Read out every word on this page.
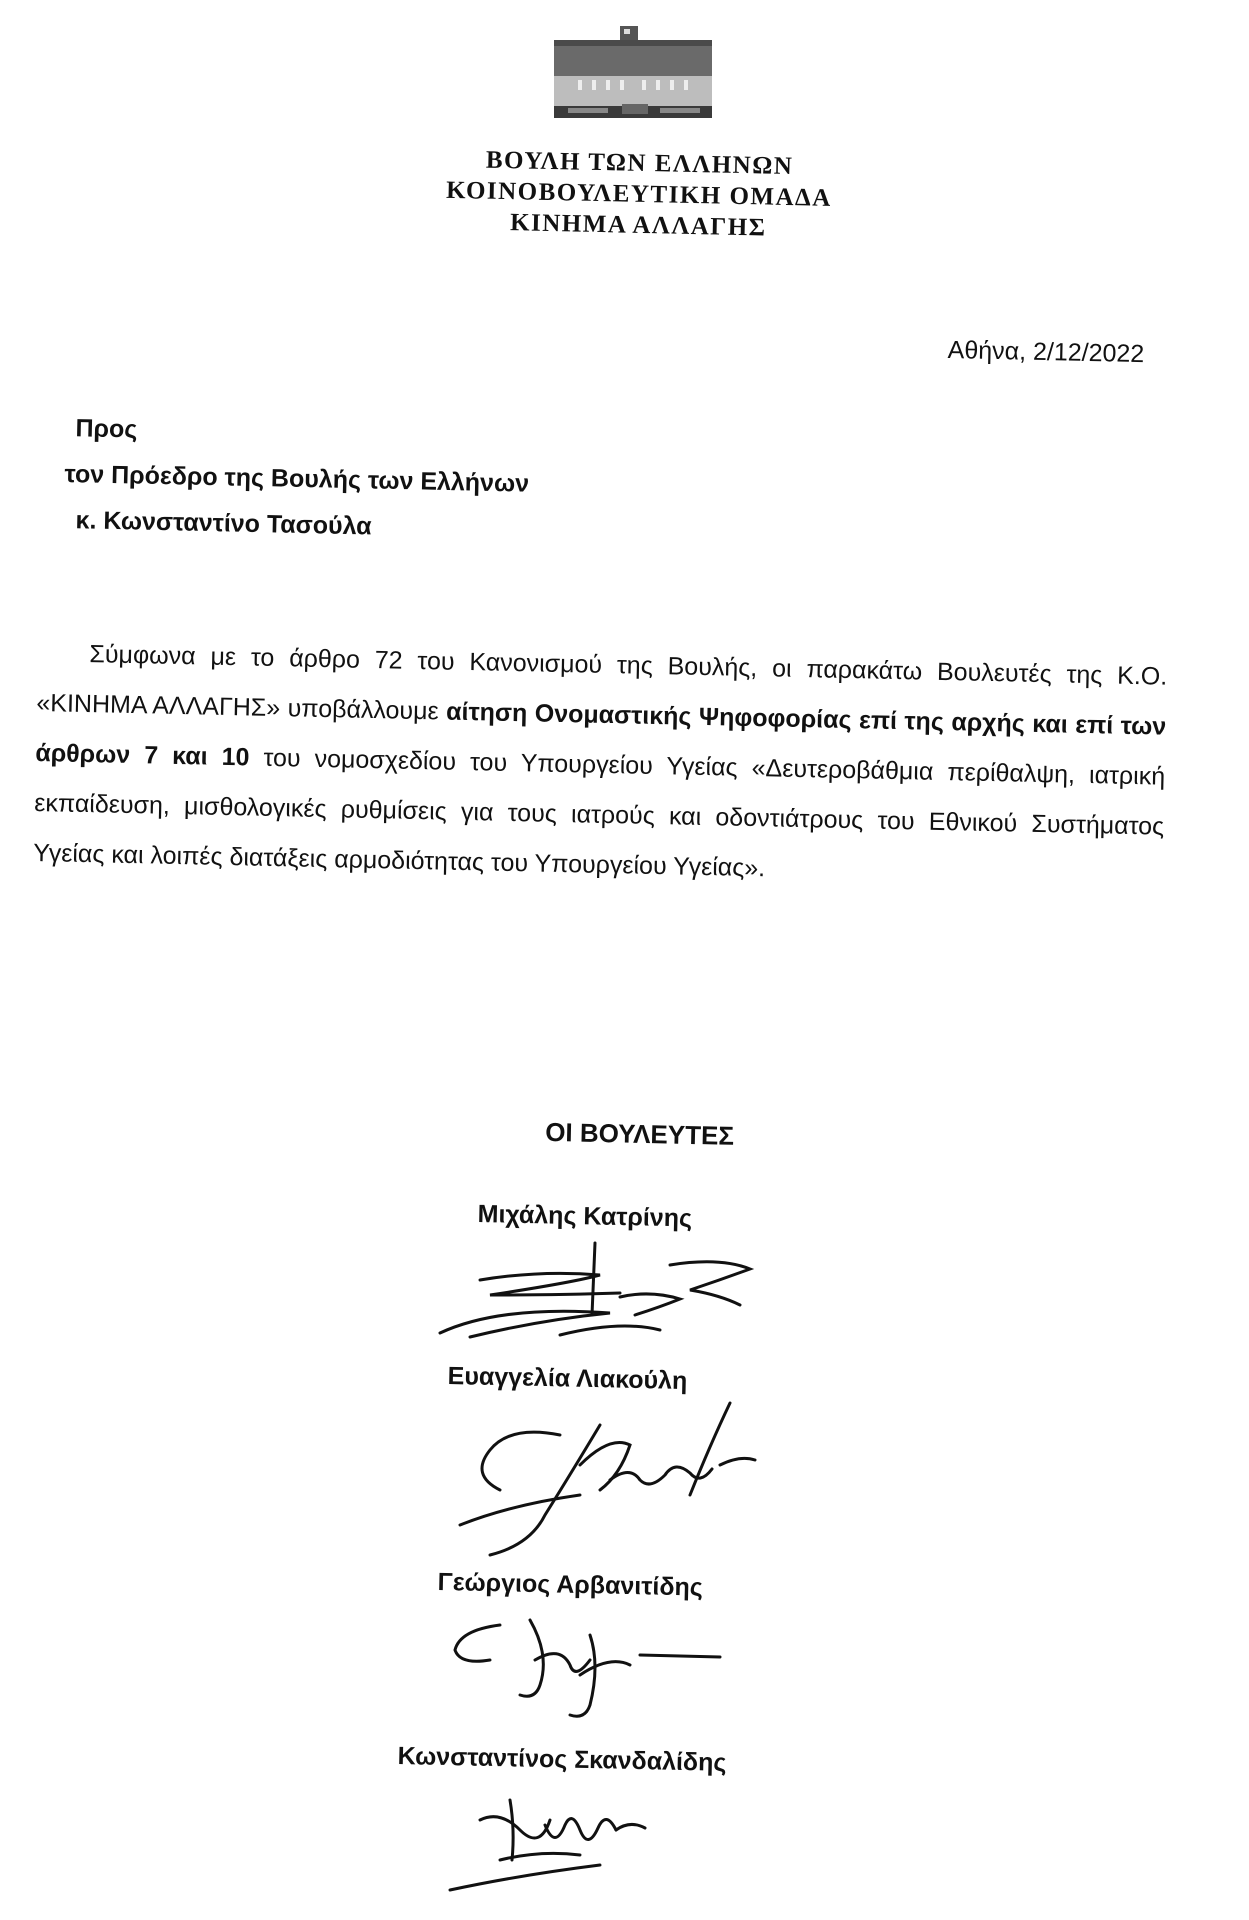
ΒΟΥΛΗ ΤΩΝ ΕΛΛΗΝΩΝ
ΚΟΙΝΟΒΟΥΛΕΥΤΙΚΗ ΟΜΑΔΑ
ΚΙΝΗΜΑ ΑΛΛΑΓΗΣ
Αθήνα, 2/12/2022
Προς
τον Πρόεδρο της Βουλής των Ελλήνων
κ. Κωνσταντίνο Τασούλα

Σύμφωνα με το άρθρο 72 του Κανονισμού της Βουλής, οι παρακάτω Βουλευτές της Κ.Ο. «ΚΙΝΗΜΑ ΑΛΛΑΓΗΣ» υποβάλλουμε αίτηση Ονομαστικής Ψηφοφορίας επί της αρχής και επί των άρθρων 7 και 10 του νομοσχεδίου του Υπουργείου Υγείας «Δευτεροβάθμια περίθαλψη, ιατρική εκπαίδευση, μισθολογικές ρυθμίσεις για τους ιατρούς και οδοντιάτρους του Εθνικού Συστήματος Υγείας και λοιπές διατάξεις αρμοδιότητας του Υπουργείου Υγείας».

ΟΙ ΒΟΥΛΕΥΤΕΣ
Μιχάλης Κατρίνης
Ευαγγελία Λιακούλη
Γεώργιος Αρβανιτίδης
Κωνσταντίνος Σκανδαλίδης
